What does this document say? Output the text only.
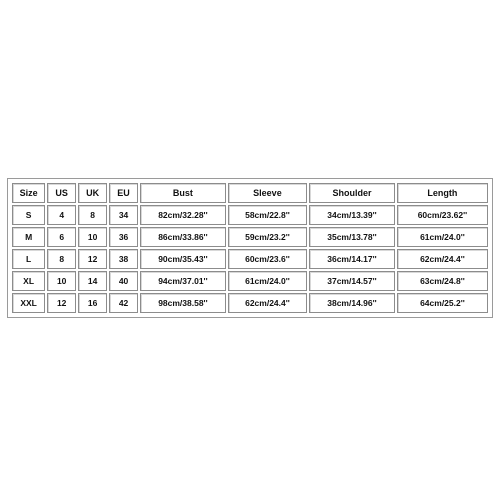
Size	US	UK	EU	Bust	Sleeve	Shoulder	Length
S	4	8	34	82cm/32.28''	58cm/22.8''	34cm/13.39''	60cm/23.62''
M	6	10	36	86cm/33.86''	59cm/23.2''	35cm/13.78''	61cm/24.0''
L	8	12	38	90cm/35.43''	60cm/23.6''	36cm/14.17''	62cm/24.4''
XL	10	14	40	94cm/37.01''	61cm/24.0''	37cm/14.57''	63cm/24.8''
XXL	12	16	42	98cm/38.58''	62cm/24.4''	38cm/14.96''	64cm/25.2''
